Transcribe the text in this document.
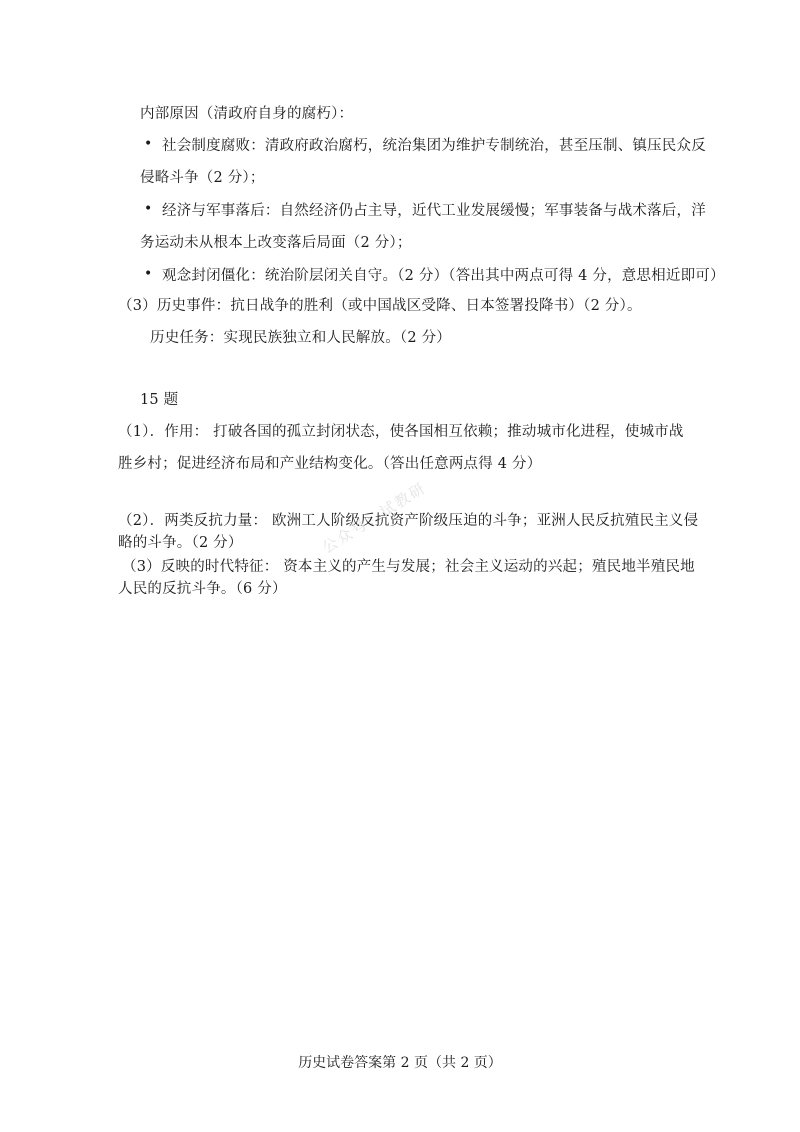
内部原因（清政府自身的腐朽）：
• 社会制度腐败：清政府政治腐朽，统治集团为维护专制统治，甚至压制、镇压民众反
侵略斗争（2 分）；
• 经济与军事落后：自然经济仍占主导，近代工业发展缓慢；军事装备与战术落后，洋
务运动未从根本上改变落后局面（2 分）；
• 观念封闭僵化：统治阶层闭关自守。（2 分）（答出其中两点可得 4 分，意思相近即可）
（3）历史事件：抗日战争的胜利（或中国战区受降、日本签署投降书）（2 分）。
历史任务：实现民族独立和人民解放。（2 分）
15 题
（1）．作用： 打破各国的孤立封闭状态，使各国相互依赖；推动城市化进程，使城市战
胜乡村；促进经济布局和产业结构变化。（答出任意两点得 4 分）
（2）．两类反抗力量： 欧洲工人阶级反抗资产阶级压迫的斗争；亚洲人民反抗殖民主义侵
略的斗争。（2 分）
（3）反映的时代特征： 资本主义的产生与发展；社会主义运动的兴起；殖民地半殖民地
人民的反抗斗争。（6 分）
公众号：试教研
历史试卷答案第 2 页（共 2 页）
